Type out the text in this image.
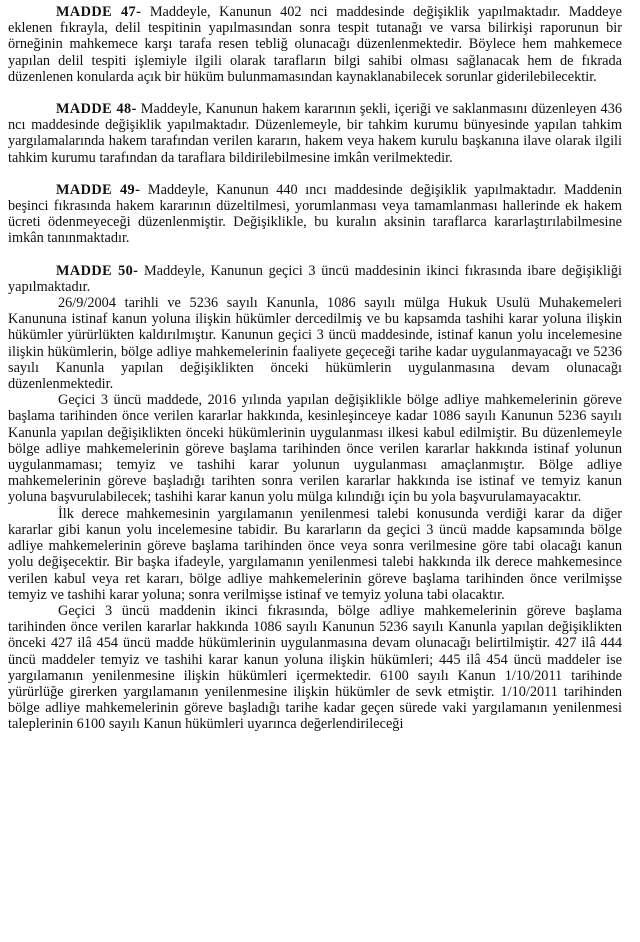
MADDE 47- Maddeyle, Kanunun 402 nci maddesinde değişiklik yapılmaktadır. Maddeye eklenen fıkrayla, delil tespitinin yapılmasından sonra tespit tutanağı ve varsa bilirkişi raporunun bir örneğinin mahkemece karşı tarafa resen tebliğ olunacağı düzenlenmektedir. Böylece hem mahkemece yapılan delil tespiti işlemiyle ilgili olarak tarafların bilgi sahibi olması sağlanacak hem de fıkrada düzenlenen konularda açık bir hüküm bulunmamasından kaynaklanabilecek sorunlar giderilebilecektir.

MADDE 48- Maddeyle, Kanunun hakem kararının şekli, içeriği ve saklanmasını düzenleyen 436 ncı maddesinde değişiklik yapılmaktadır. Düzenlemeyle, bir tahkim kurumu bünyesinde yapılan tahkim yargılamalarında hakem tarafından verilen kararın, hakem veya hakem kurulu başkanına ilave olarak ilgili tahkim kurumu tarafından da taraflara bildirilebilmesine imkân verilmektedir.

MADDE 49- Maddeyle, Kanunun 440 ıncı maddesinde değişiklik yapılmaktadır. Maddenin beşinci fıkrasında hakem kararının düzeltilmesi, yorumlanması veya tamamlanması hallerinde ek hakem ücreti ödenmeyeceği düzenlenmiştir. Değişiklikle, bu kuralın aksinin taraflarca kararlaştırılabilmesine imkân tanınmaktadır.

MADDE 50- Maddeyle, Kanunun geçici 3 üncü maddesinin ikinci fıkrasında ibare değişikliği yapılmaktadır.

26/9/2004 tarihli ve 5236 sayılı Kanunla, 1086 sayılı mülga Hukuk Usulü Muhakemeleri Kanununa istinaf kanun yoluna ilişkin hükümler dercedilmiş ve bu kapsamda tashihi karar yoluna ilişkin hükümler yürürlükten kaldırılmıştır. Kanunun geçici 3 üncü maddesinde, istinaf kanun yolu incelemesine ilişkin hükümlerin, bölge adliye mahkemelerinin faaliyete geçeceği tarihe kadar uygulanmayacağı ve 5236 sayılı Kanunla yapılan değişiklikten önceki hükümlerin uygulanmasına devam olunacağı düzenlenmektedir.

Geçici 3 üncü maddede, 2016 yılında yapılan değişiklikle bölge adliye mahkemelerinin göreve başlama tarihinden önce verilen kararlar hakkında, kesinleşinceye kadar 1086 sayılı Kanunun 5236 sayılı Kanunla yapılan değişiklikten önceki hükümlerinin uygulanması ilkesi kabul edilmiştir. Bu düzenlemeyle bölge adliye mahkemelerinin göreve başlama tarihinden önce verilen kararlar hakkında istinaf yolunun uygulanmaması; temyiz ve tashihi karar yolunun uygulanması amaçlanmıştır. Bölge adliye mahkemelerinin göreve başladığı tarihten sonra verilen kararlar hakkında ise istinaf ve temyiz kanun yoluna başvurulabilecek; tashihi karar kanun yolu mülga kılındığı için bu yola başvurulamayacaktır.

İlk derece mahkemesinin yargılamanın yenilenmesi talebi konusunda verdiği karar da diğer kararlar gibi kanun yolu incelemesine tabidir. Bu kararların da geçici 3 üncü madde kapsamında bölge adliye mahkemelerinin göreve başlama tarihinden önce veya sonra verilmesine göre tabi olacağı kanun yolu değişecektir. Bir başka ifadeyle, yargılamanın yenilenmesi talebi hakkında ilk derece mahkemesince verilen kabul veya ret kararı, bölge adliye mahkemelerinin göreve başlama tarihinden önce verilmişse temyiz ve tashihi karar yoluna; sonra verilmişse istinaf ve temyiz yoluna tabi olacaktır.

Geçici 3 üncü maddenin ikinci fıkrasında, bölge adliye mahkemelerinin göreve başlama tarihinden önce verilen kararlar hakkında 1086 sayılı Kanunun 5236 sayılı Kanunla yapılan değişiklikten önceki 427 ilâ 454 üncü madde hükümlerinin uygulanmasına devam olunacağı belirtilmiştir. 427 ilâ 444 üncü maddeler temyiz ve tashihi karar kanun yoluna ilişkin hükümleri; 445 ilâ 454 üncü maddeler ise yargılamanın yenilenmesine ilişkin hükümleri içermektedir. 6100 sayılı Kanun 1/10/2011 tarihinde yürürlüğe girerken yargılamanın yenilenmesine ilişkin hükümler de sevk etmiştir. 1/10/2011 tarihinden bölge adliye mahkemelerinin göreve başladığı tarihe kadar geçen sürede vaki yargılamanın yenilenmesi taleplerinin 6100 sayılı Kanun hükümleri uyarınca değerlendirileceği
